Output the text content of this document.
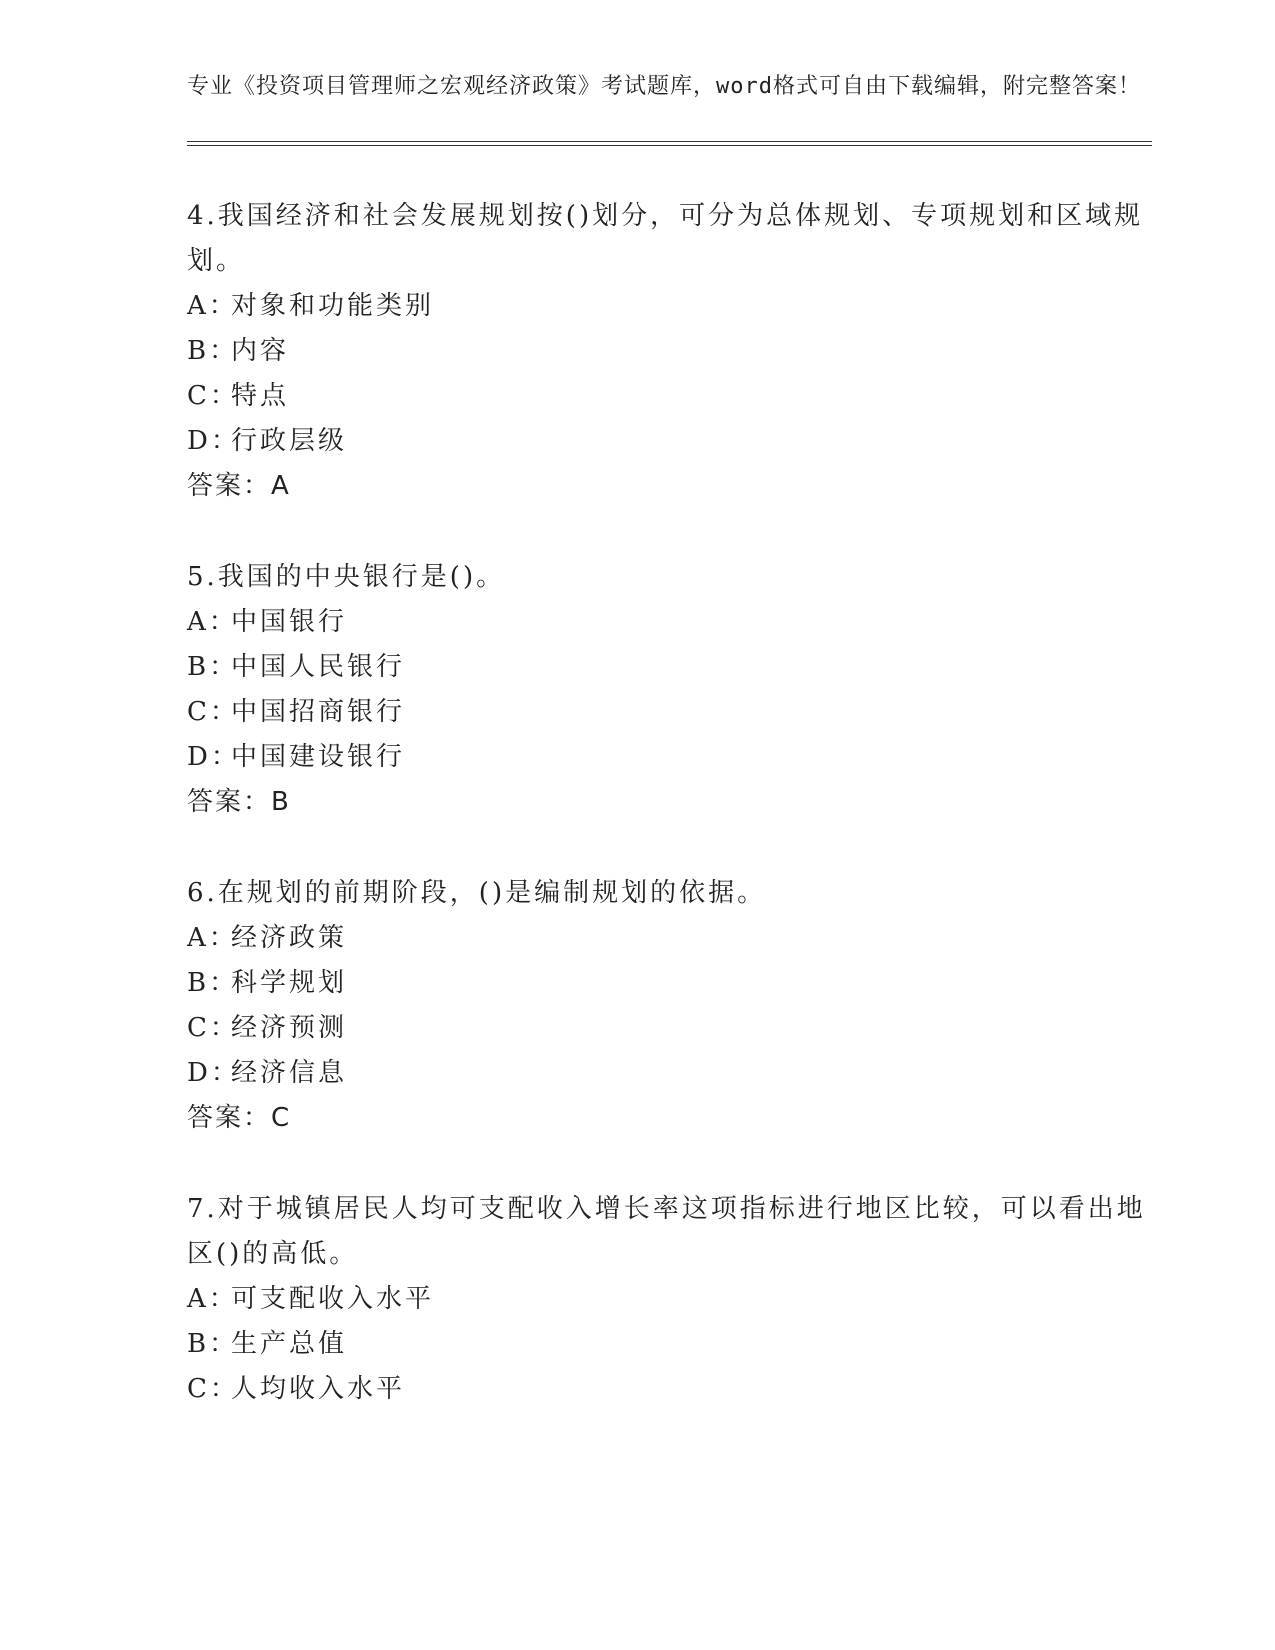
专业《投资项目管理师之宏观经济政策》考试题库，word格式可自由下载编辑，附完整答案！

4.我国经济和社会发展规划按()划分，可分为总体规划、专项规划和区域规划。

A：
对象和功能类别

B：
内容

C：
特点

D：
行政层级

答案：A

5.我国的中央银行是()。

A：
中国银行

B：
中国人民银行

C：
中国招商银行

D：
中国建设银行

答案：B

6.在规划的前期阶段，()是编制规划的依据。

A：
经济政策

B：
科学规划

C：
经济预测

D：
经济信息

答案：C

7.对于城镇居民人均可支配收入增长率这项指标进行地区比较，可以看出地区()的高低。

A：
可支配收入水平

B：
生产总值

C：
人均收入水平
